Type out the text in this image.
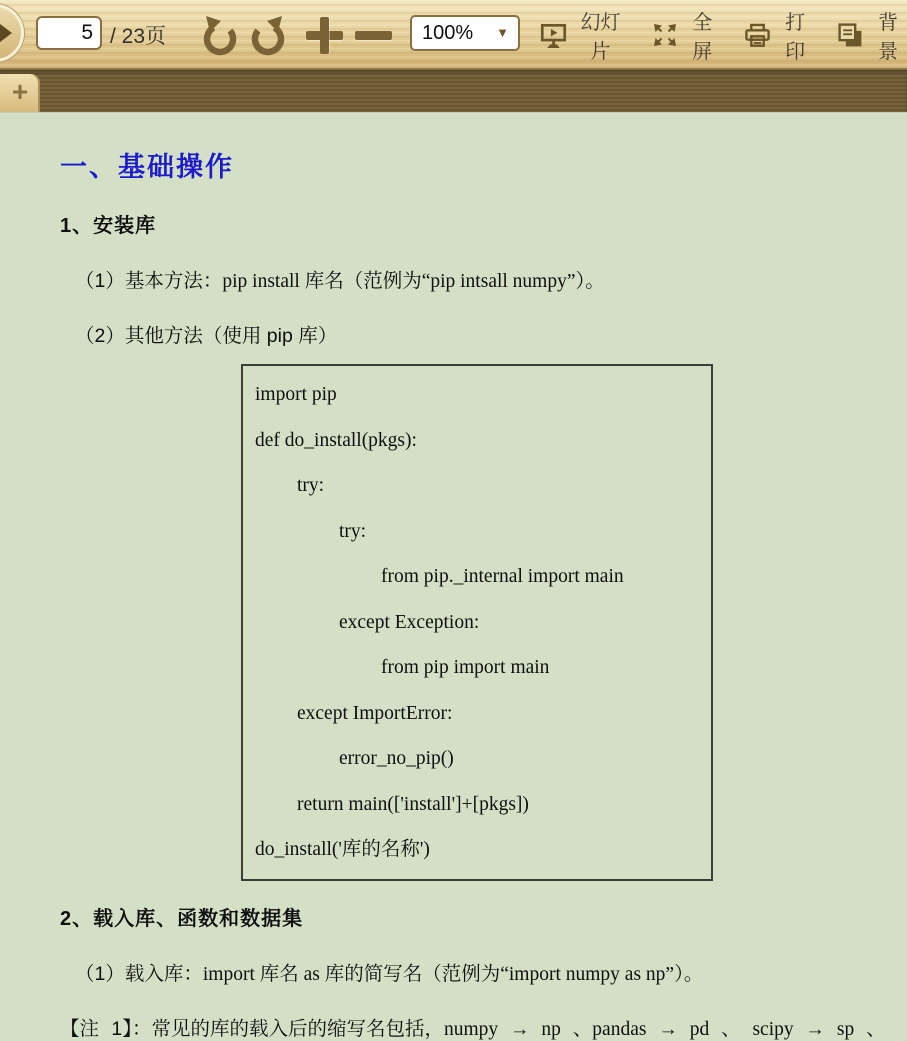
5
/ 23页	100% ▼	幻灯片
全屏
打印
背景
+
一、基础操作
1、安装库

（1）基本方法：pip install 库名（范例为“pip intsall numpy”）。

（2）其他方法（使用 pip 库）

import pip
def do_install(pkgs):
try:
try:
from pip._internal import main
except Exception:
from pip import main
except ImportError:
error_no_pip()
return main(['install']+[pkgs])
do_install('库的名称')
2、载入库、函数和数据集

（1）载入库：import 库名 as 库的简写名（范例为“import numpy as np”）。

【注 1】：常见的库的载入后的缩写名包括，numpy → np 、pandas → pd 、 scipy → sp 、
